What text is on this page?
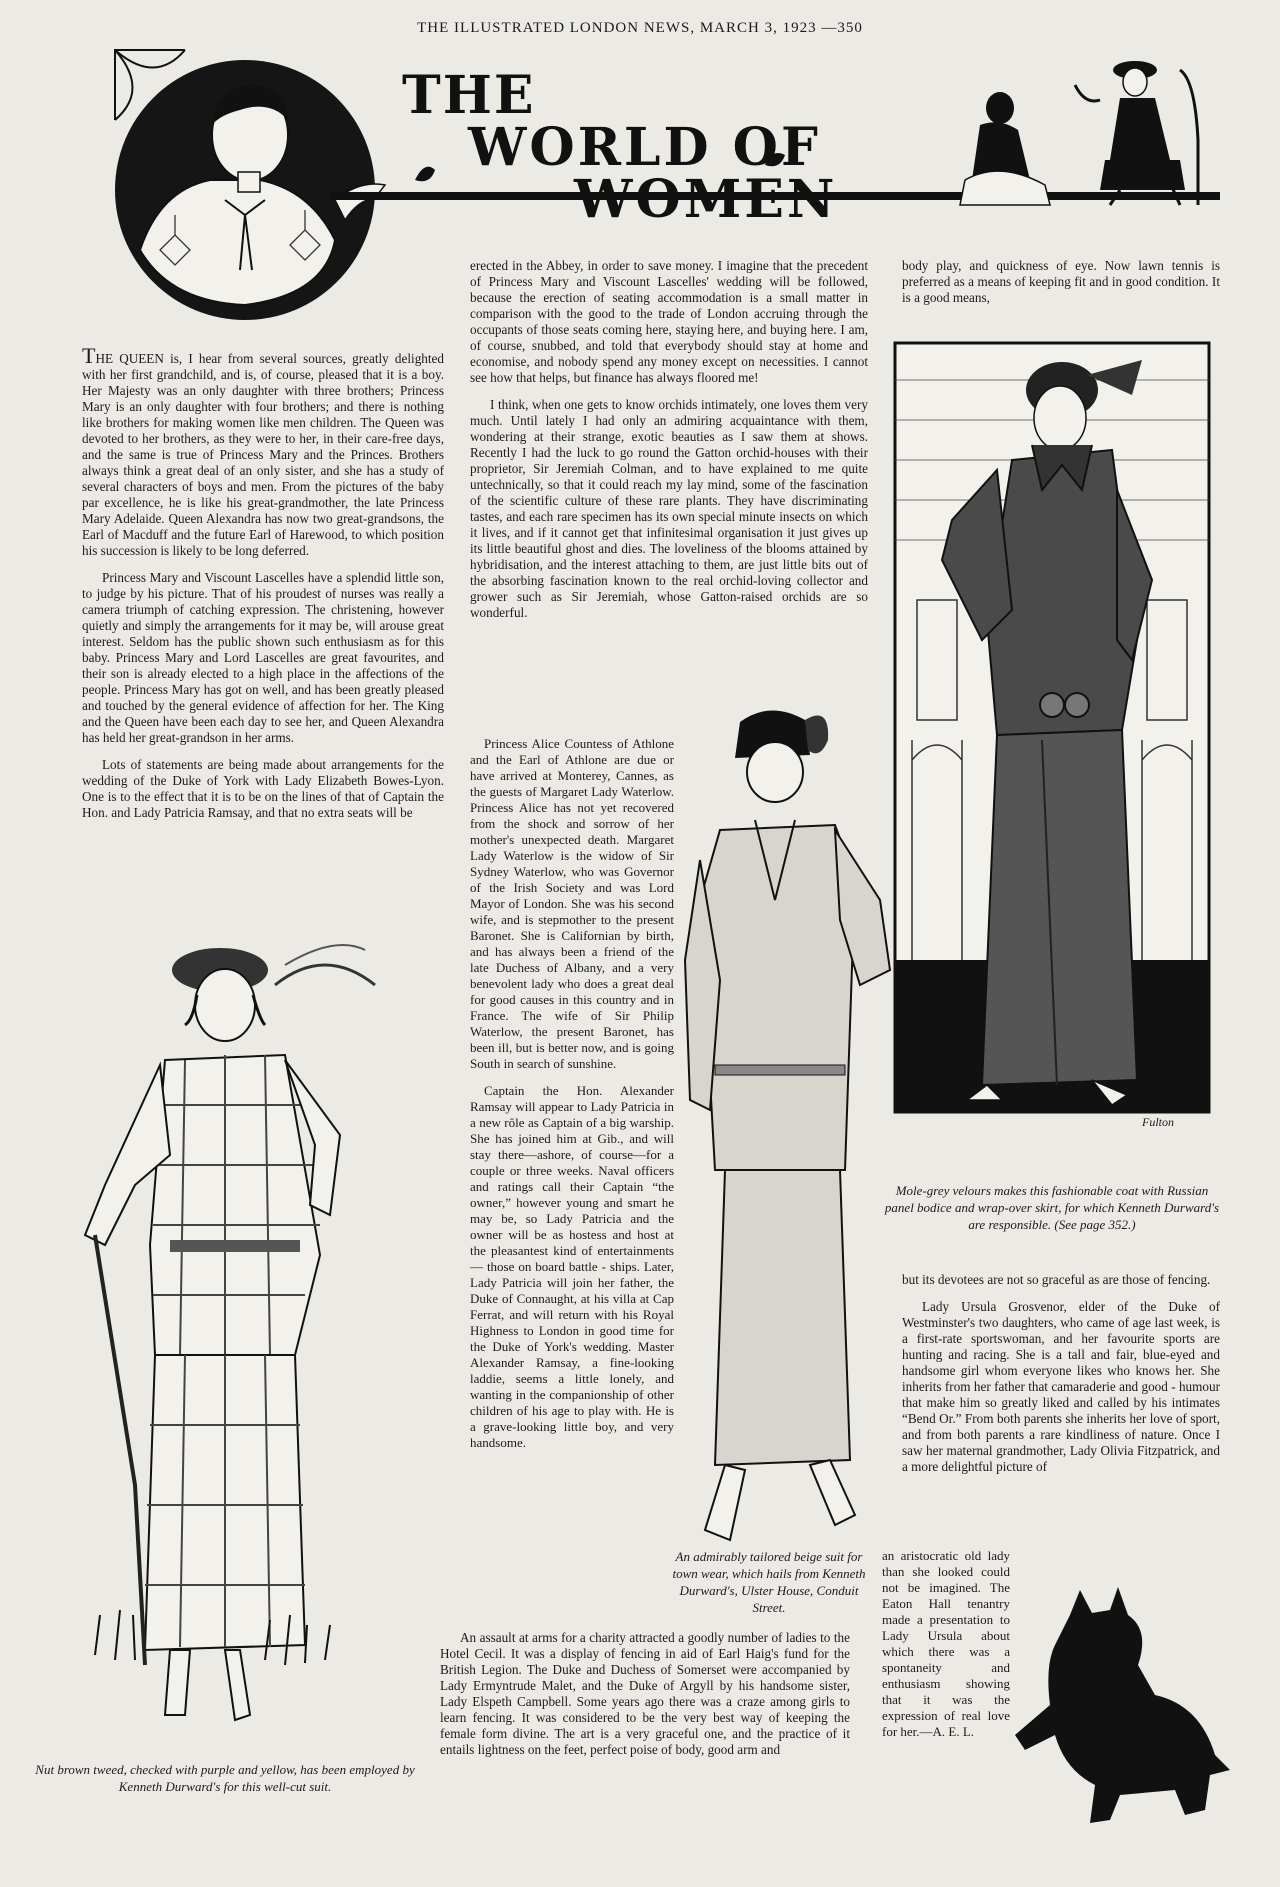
THE ILLUSTRATED LONDON NEWS, MARCH 3, 1923 —350
THE
WORLD OF
WOMEN

THE QUEEN is, I hear from several sources, greatly delighted with her first grandchild, and is, of course, pleased that it is a boy. Her Majesty was an only daughter with three brothers; Princess Mary is an only daughter with four brothers; and there is nothing like brothers for making women like men children. The Queen was devoted to her brothers, as they were to her, in their care-free days, and the same is true of Princess Mary and the Princes. Brothers always think a great deal of an only sister, and she has a study of several characters of boys and men. From the pictures of the baby par excellence, he is like his great-grandmother, the late Princess Mary Adelaide. Queen Alexandra has now two great-grandsons, the Earl of Macduff and the future Earl of Harewood, to which position his succession is likely to be long deferred.

Princess Mary and Viscount Lascelles have a splendid little son, to judge by his picture. That of his proudest of nurses was really a camera triumph of catching expression. The christening, however quietly and simply the arrangements for it may be, will arouse great interest. Seldom has the public shown such enthusiasm as for this baby. Princess Mary and Lord Lascelles are great favourites, and their son is already elected to a high place in the affections of the people. Princess Mary has got on well, and has been greatly pleased and touched by the general evidence of affection for her. The King and the Queen have been each day to see her, and Queen Alexandra has held her great-grandson in her arms.

Lots of statements are being made about arrangements for the wedding of the Duke of York with Lady Elizabeth Bowes-Lyon. One is to the effect that it is to be on the lines of that of Captain the Hon. and Lady Patricia Ramsay, and that no extra seats will be

erected in the Abbey, in order to save money. I imagine that the precedent of Princess Mary and Viscount Lascelles' wedding will be followed, because the erection of seating accommodation is a small matter in comparison with the good to the trade of London accruing through the occupants of those seats coming here, staying here, and buying here. I am, of course, snubbed, and told that everybody should stay at home and economise, and nobody spend any money except on necessities. I cannot see how that helps, but finance has always floored me!

I think, when one gets to know orchids intimately, one loves them very much. Until lately I had only an admiring acquaintance with them, wondering at their strange, exotic beauties as I saw them at shows. Recently I had the luck to go round the Gatton orchid-houses with their proprietor, Sir Jeremiah Colman, and to have explained to me quite untechnically, so that it could reach my lay mind, some of the fascination of the scientific culture of these rare plants. They have discriminating tastes, and each rare specimen has its own special minute insects on which it lives, and if it cannot get that infinitesimal organisation it just gives up its little beautiful ghost and dies. The loveliness of the blooms attained by hybridisation, and the interest attaching to them, are just little bits out of the absorbing fascination known to the real orchid-loving collector and grower such as Sir Jeremiah, whose Gatton-raised orchids are so wonderful.

Princess Alice Countess of Athlone and the Earl of Athlone are due or have arrived at Monterey, Cannes, as the guests of Margaret Lady Waterlow. Princess Alice has not yet recovered from the shock and sorrow of her mother's unexpected death. Margaret Lady Waterlow is the widow of Sir Sydney Waterlow, who was Governor of the Irish Society and was Lord Mayor of London. She was his second wife, and is stepmother to the present Baronet. She is Californian by birth, and has always been a friend of the late Duchess of Albany, and a very benevolent lady who does a great deal for good causes in this country and in France. The wife of Sir Philip Waterlow, the present Baronet, has been ill, but is better now, and is going South in search of sunshine.

Captain the Hon. Alexander Ramsay will appear to Lady Patricia in a new rôle as Captain of a big warship. She has joined him at Gib., and will stay there—ashore, of course—for a couple or three weeks. Naval officers and ratings call their Captain “the owner,” however young and smart he may be, so Lady Patricia and the owner will be as hostess and host at the pleasantest kind of entertainments — those on board battle - ships. Later, Lady Patricia will join her father, the Duke of Connaught, at his villa at Cap Ferrat, and will return with his Royal Highness to London in good time for the Duke of York's wedding. Master Alexander Ramsay, a fine-looking laddie, seems a little lonely, and wanting in the companionship of other children of his age to play with. He is a grave-looking little boy, and very handsome.

An assault at arms for a charity attracted a goodly number of ladies to the Hotel Cecil. It was a display of fencing in aid of Earl Haig's fund for the British Legion. The Duke and Duchess of Somerset were accompanied by Lady Ermyntrude Malet, and the Duke of Argyll by his handsome sister, Lady Elspeth Campbell. Some years ago there was a craze among girls to learn fencing. It was considered to be the very best way of keeping the female form divine. The art is a very graceful one, and the practice of it entails lightness on the feet, perfect poise of body, good arm and

body play, and quickness of eye. Now lawn tennis is preferred as a means of keeping fit and in good condition. It is a good means,

Fulton
Mole-grey velours makes this fashionable coat with Russian panel bodice and wrap-over skirt, for which Kenneth Durward's are responsible. (See page 352.)

but its devotees are not so graceful as are those of fencing.

Lady Ursula Grosvenor, elder of the Duke of Westminster's two daughters, who came of age last week, is a first-rate sportswoman, and her favourite sports are hunting and racing. She is a tall and fair, blue-eyed and handsome girl whom everyone likes who knows her. She inherits from her father that camaraderie and good - humour that make him so greatly liked and called by his intimates “Bend Or.” From both parents she inherits her love of sport, and from both parents a rare kindliness of nature. Once I saw her maternal grandmother, Lady Olivia Fitzpatrick, and a more delightful picture of

an aristocratic old lady than she looked could not be imagined. The Eaton Hall tenantry made a presentation to Lady Ursula about which there was a spontaneity and enthusiasm showing that it was the expression of real love for her.—A. E. L.

Nut brown tweed, checked with purple and yellow, has been employed by Kenneth Durward's for this well-cut suit.
An admirably tailored beige suit for town wear, which hails from Kenneth Durward's, Ulster House, Conduit Street.
